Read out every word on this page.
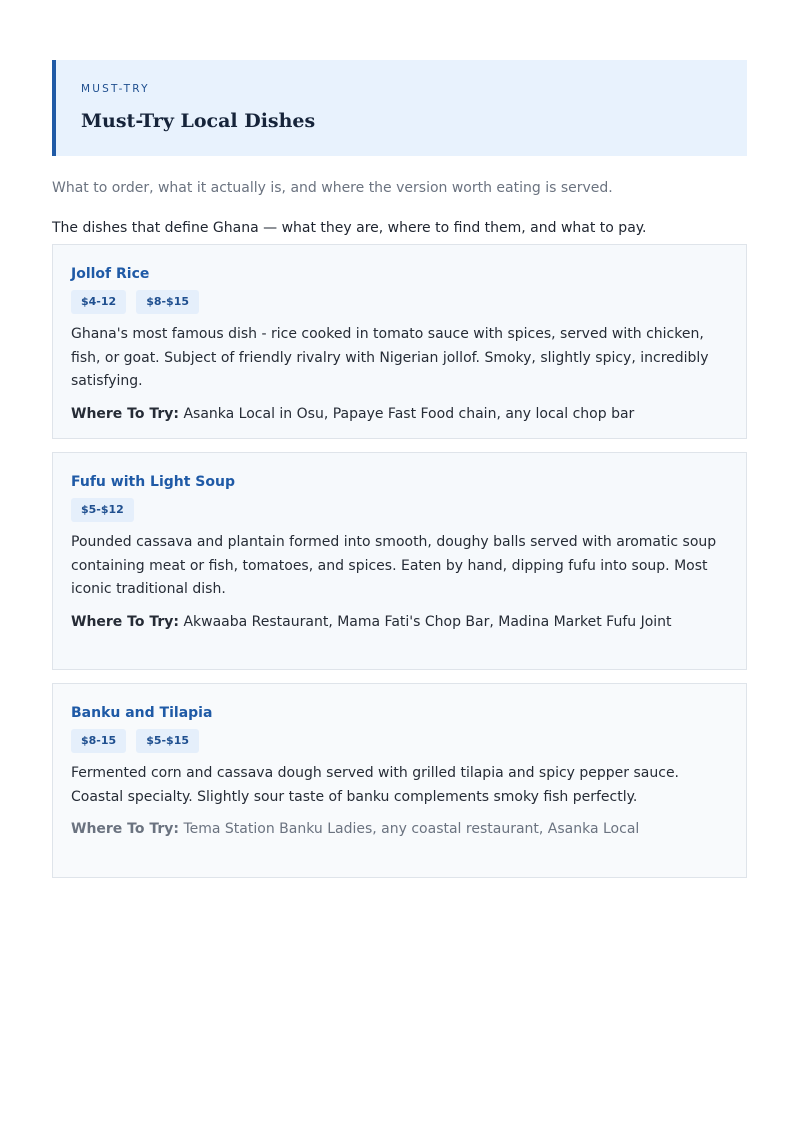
MUST-TRY
Must-Try Local Dishes
What to order, what it actually is, and where the version worth eating is served.
The dishes that define Ghana — what they are, where to find them, and what to pay.
Jollof Rice
$4-12	$8-$15
Ghana's most famous dish - rice cooked in tomato sauce with spices, served with chicken, fish, or goat. Subject of friendly rivalry with Nigerian jollof. Smoky, slightly spicy, incredibly satisfying.
Where To Try: Asanka Local in Osu, Papaye Fast Food chain, any local chop bar
Fufu with Light Soup
$5-$12
Pounded cassava and plantain formed into smooth, doughy balls served with aromatic soup containing meat or fish, tomatoes, and spices. Eaten by hand, dipping fufu into soup. Most iconic traditional dish.
Where To Try: Akwaaba Restaurant, Mama Fati's Chop Bar, Madina Market Fufu Joint
Banku and Tilapia
$8-15	$5-$15
Fermented corn and cassava dough served with grilled tilapia and spicy pepper sauce. Coastal specialty. Slightly sour taste of banku complements smoky fish perfectly.
Where To Try: Tema Station Banku Ladies, any coastal restaurant, Asanka Local
